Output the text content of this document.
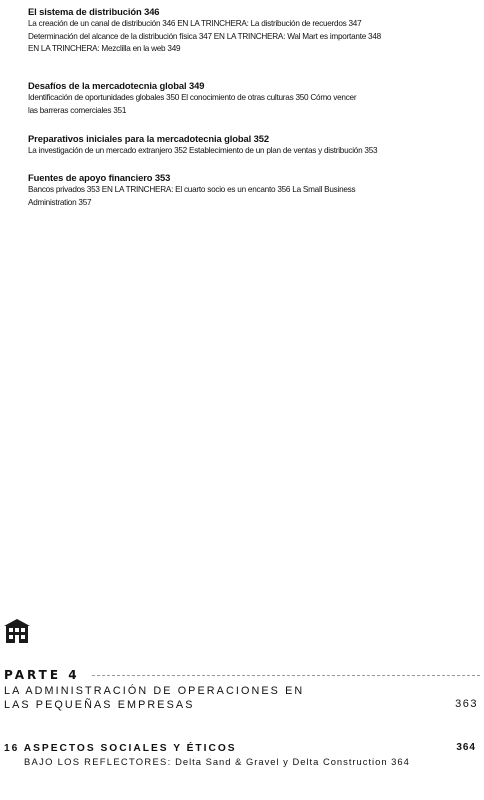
El sistema de distribución 346
La creación de un canal de distribución 346 EN LA TRINCHERA: La distribución de recuerdos 347
Determinación del alcance de la distribución física 347 EN LA TRINCHERA: Wal Mart es importante 348
EN LA TRINCHERA: Mezclilla en la web 349
Desafíos de la mercadotecnia global 349
Identificación de oportunidades globales 350 El conocimiento de otras culturas 350 Cómo vencer
las barreras comerciales 351
Preparativos iniciales para la mercadotecnia global 352
La investigación de un mercado extranjero 352 Establecimiento de un plan de ventas y distribución 353
Fuentes de apoyo financiero 353
Bancos privados 353 EN LA TRINCHERA: El cuarto socio es un encanto 356 La Small Business
Administration 357
PARTE 4
LA ADMINISTRACIÓN DE OPERACIONES EN
LAS PEQUEÑAS EMPRESAS	363
16 ASPECTOS SOCIALES Y ÉTICOS	364
BAJO LOS REFLECTORES: Delta Sand & Gravel y Delta Construction 364
